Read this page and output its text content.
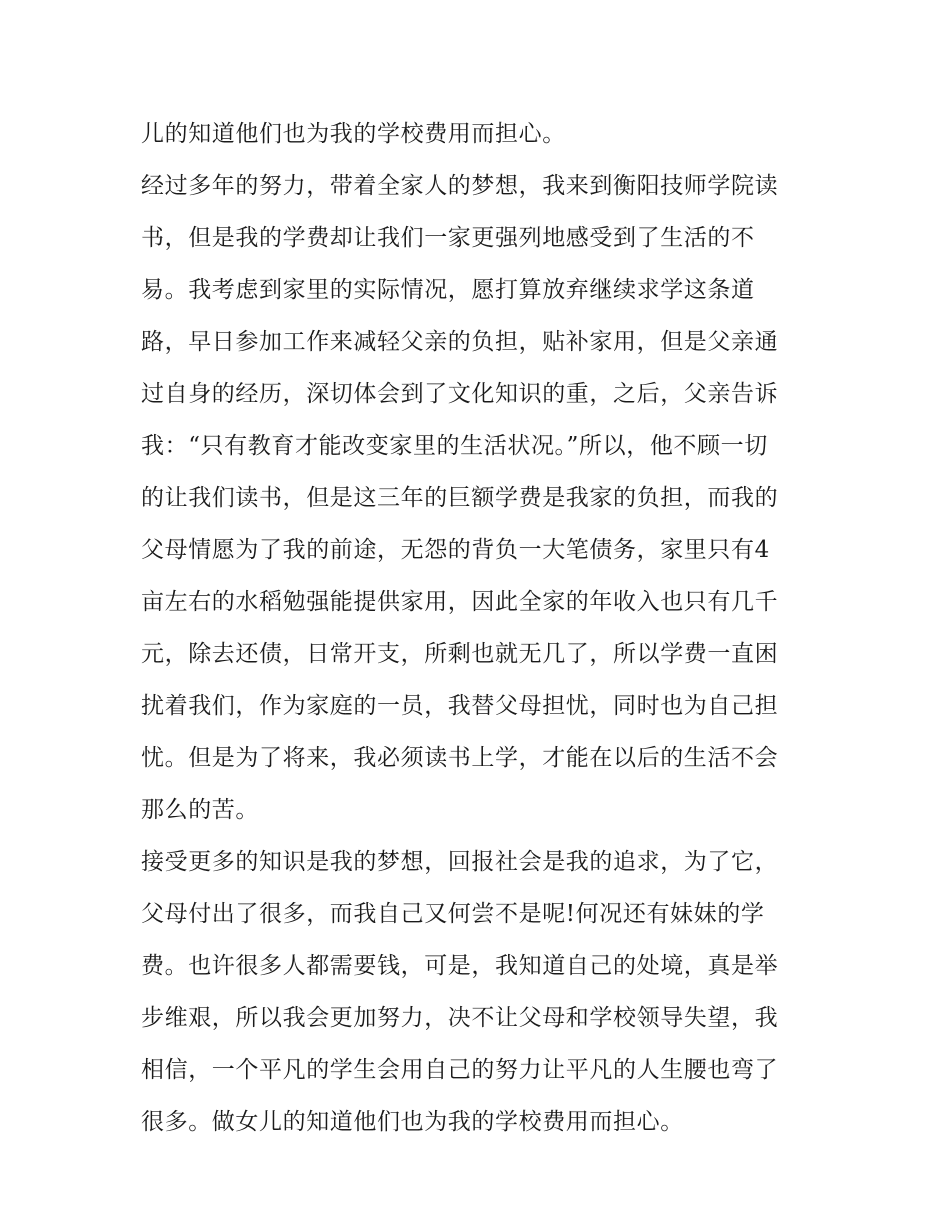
儿的知道他们也为我的学校费用而担心。
经过多年的努力，带着全家人的梦想，我来到衡阳技师学院读
书，但是我的学费却让我们一家更强列地感受到了生活的不
易。我考虑到家里的实际情况，愿打算放弃继续求学这条道
路，早日参加工作来减轻父亲的负担，贴补家用，但是父亲通
过自身的经历，深切体会到了文化知识的重，之后，父亲告诉
我：“只有教育才能改变家里的生活状况。”所以，他不顾一切
的让我们读书，但是这三年的巨额学费是我家的负担，而我的
父母情愿为了我的前途，无怨的背负一大笔债务，家里只有4
亩左右的水稻勉强能提供家用，因此全家的年收入也只有几千
元，除去还债，日常开支，所剩也就无几了，所以学费一直困
扰着我们，作为家庭的一员，我替父母担忧，同时也为自己担
忧。但是为了将来，我必须读书上学，才能在以后的生活不会
那么的苦。
接受更多的知识是我的梦想，回报社会是我的追求，为了它，
父母付出了很多，而我自己又何尝不是呢!何况还有妹妹的学
费。也许很多人都需要钱，可是，我知道自己的处境，真是举
步维艰，所以我会更加努力，决不让父母和学校领导失望，我
相信，一个平凡的学生会用自己的努力让平凡的人生腰也弯了
很多。做女儿的知道他们也为我的学校费用而担心。
